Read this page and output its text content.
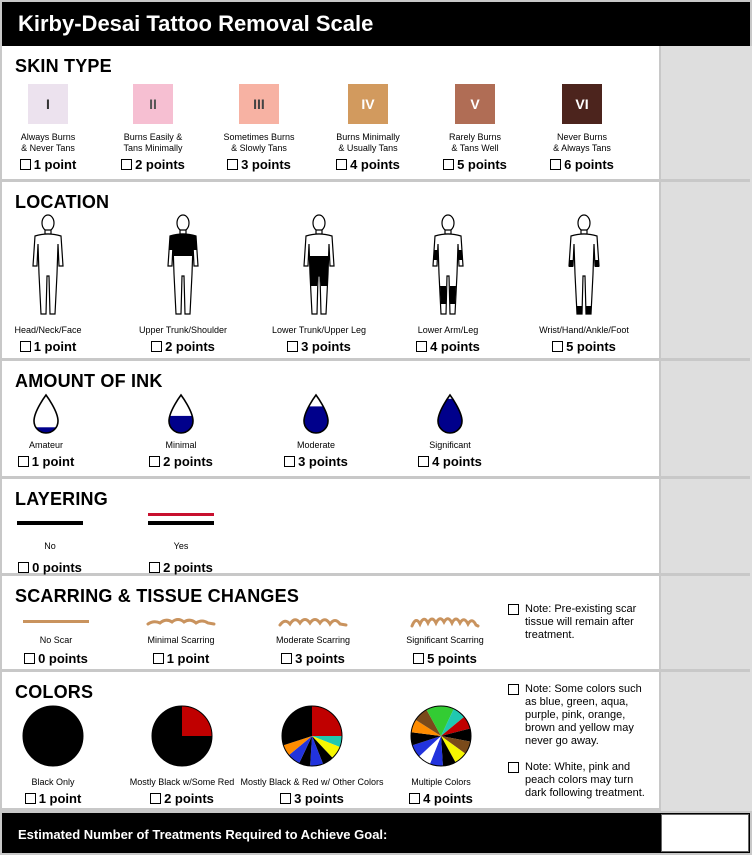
Kirby-Desai Tattoo Removal Scale
SKIN TYPE
I
Always Burns
& Never Tans
1 point
II
Burns Easily &
Tans Minimally
2 points
III
Sometimes Burns
& Slowly Tans
3 points
IV
Burns Minimally
& Usually Tans
4 points
V
Rarely Burns
& Tans Well
5 points
VI
Never Burns
& Always Tans
6 points
LOCATION
Head/Neck/Face
1 point
Upper Trunk/Shoulder
2 points
Lower Trunk/Upper Leg
3 points
Lower Arm/Leg
4 points
Wrist/Hand/Ankle/Foot
5 points
AMOUNT OF INK
Amateur
1 point
Minimal
2 points
Moderate
3 points
Significant
4 points
LAYERING
No
0 points
Yes
2 points
SCARRING & TISSUE CHANGES
No Scar
0 points
Minimal Scarring
1 point
Moderate Scarring
3 points
Significant Scarring
5 points
Note: Pre-existing scar tissue will remain after treatment.
COLORS
Black Only
1 point
Mostly Black w/Some Red
2 points
Mostly Black & Red w/ Other Colors
3 points
Multiple Colors
4 points
Note: Some colors such as blue, green, aqua, purple, pink, orange, brown and yellow may never go away.
Note: White, pink and peach colors may turn dark following treatment.
Estimated Number of Treatments Required to Achieve Goal:
